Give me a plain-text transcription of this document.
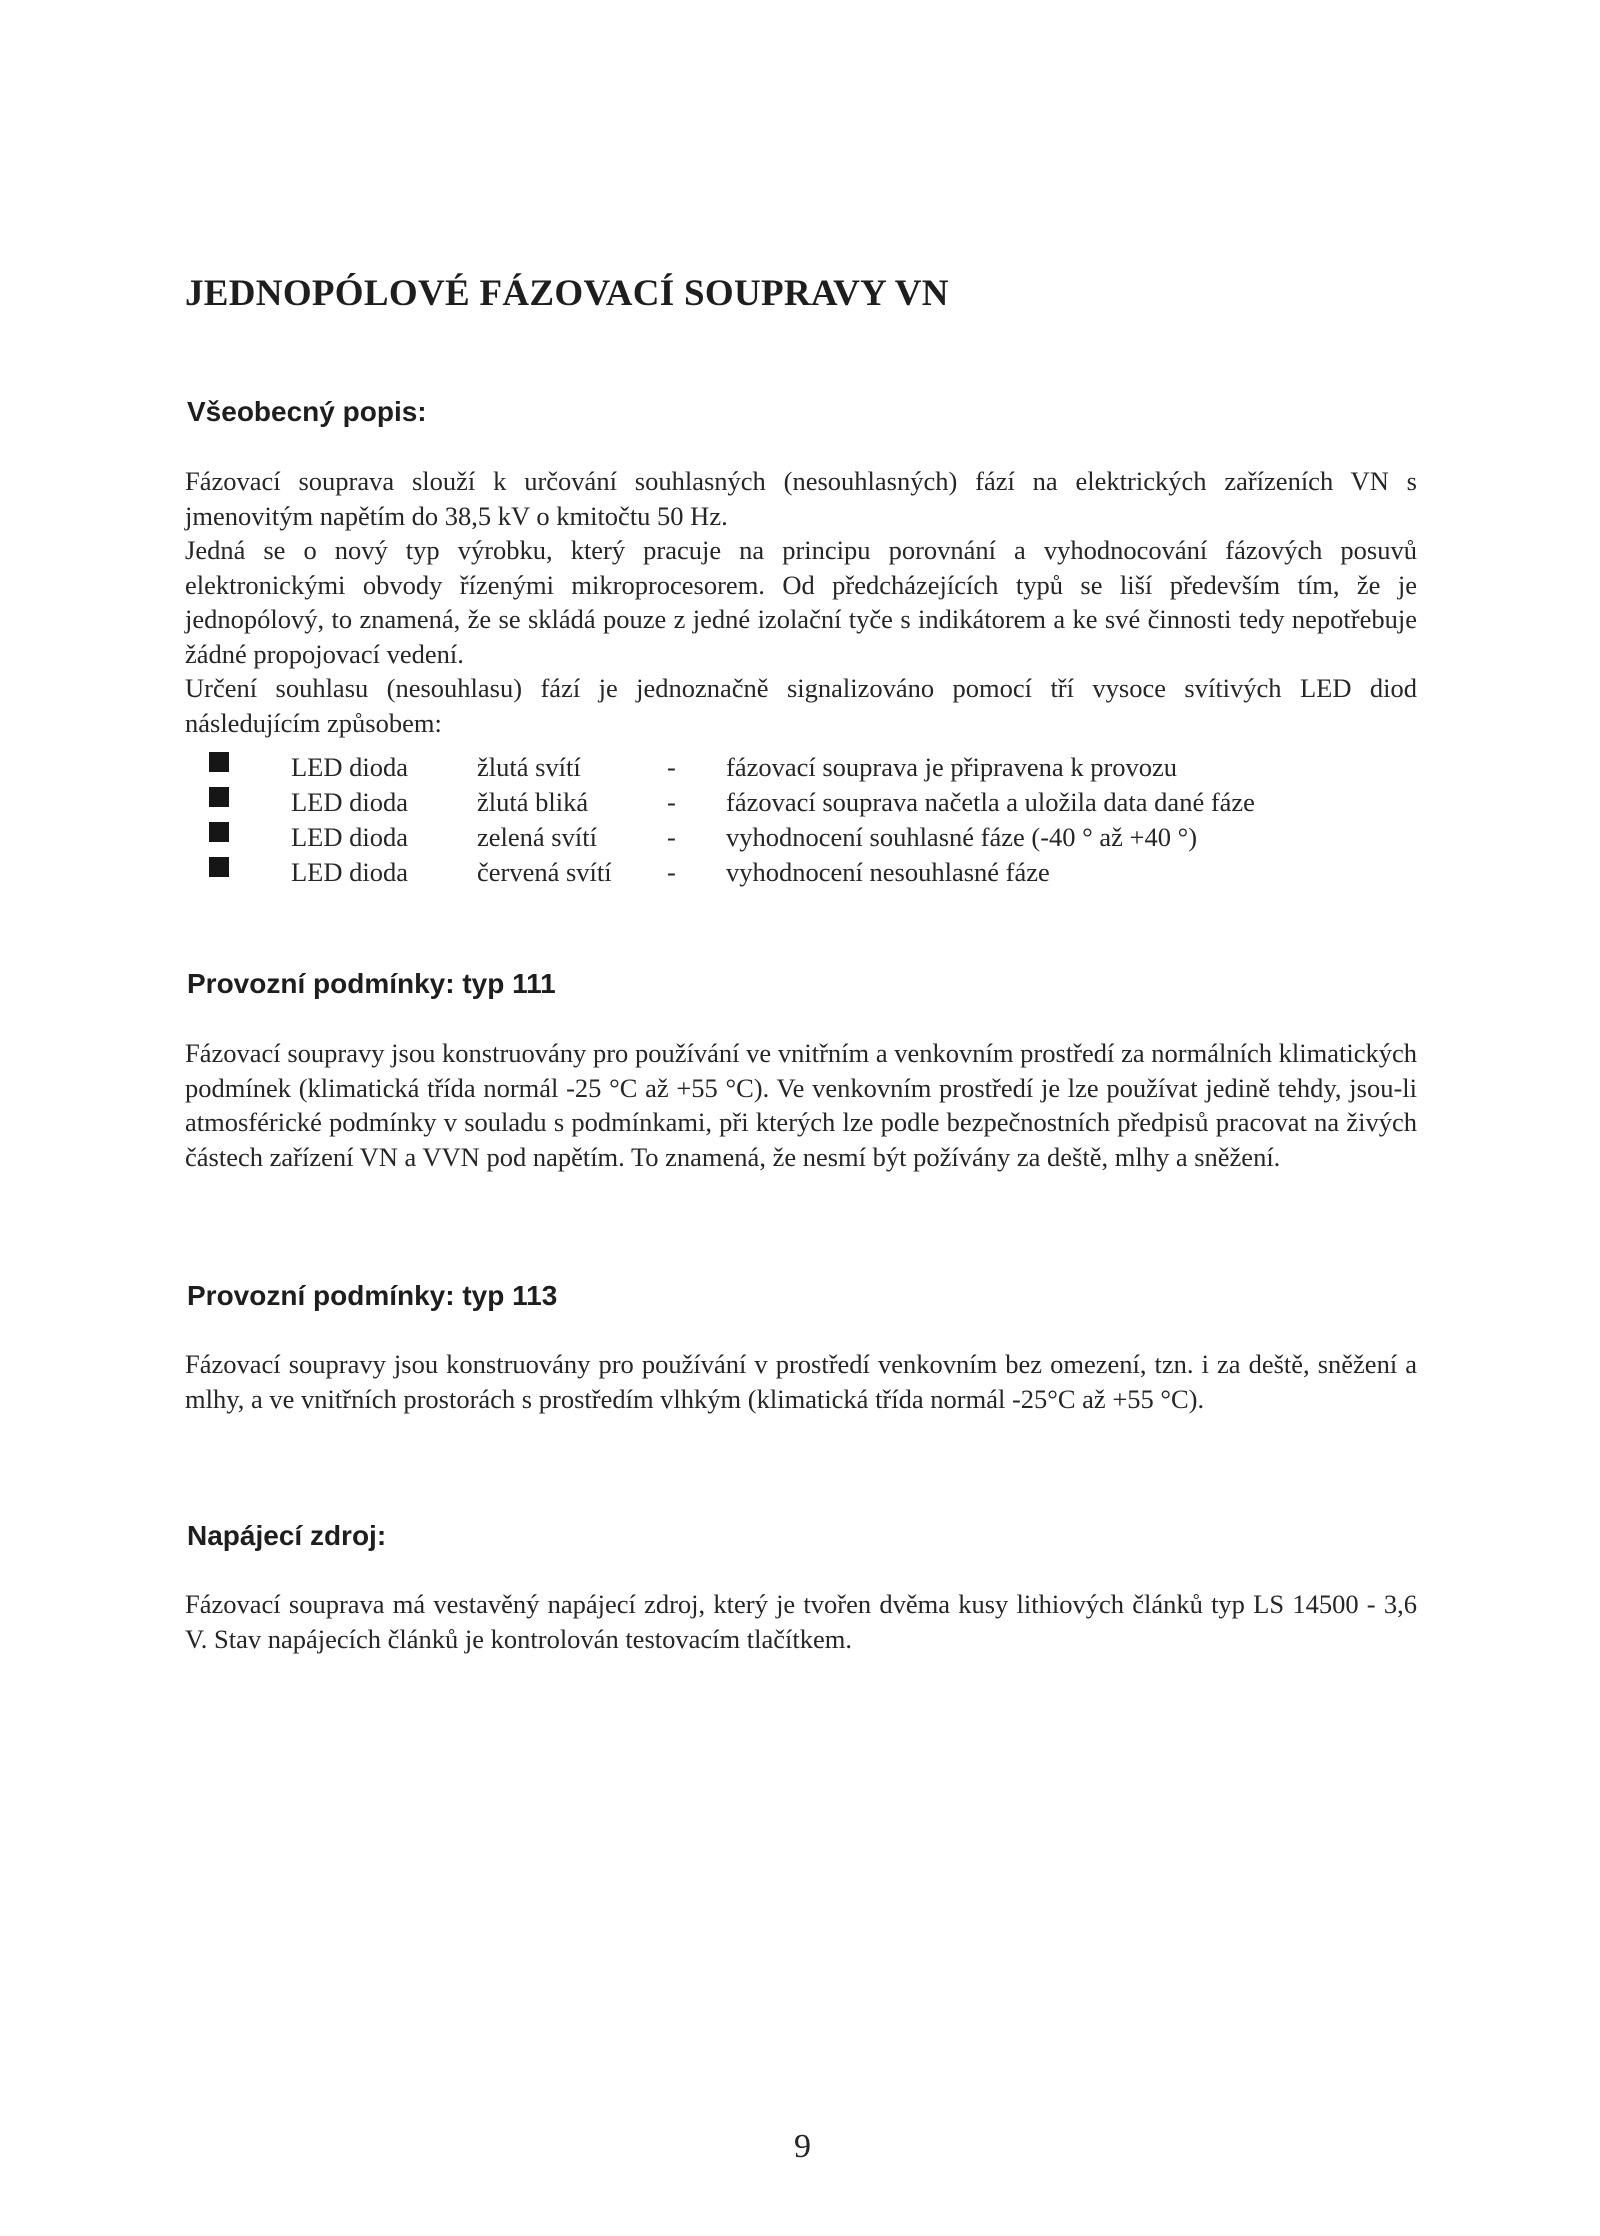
JEDNOPÓLOVÉ FÁZOVACÍ SOUPRAVY VN
Všeobecný popis:

Fázovací souprava slouží k určování souhlasných (nesouhlasných) fází na elektrických zařízeních VN s jmenovitým napětím do 38,5 kV o kmitočtu 50 Hz.

Jedná se o nový typ výrobku, který pracuje na principu porovnání a vyhodnocování fázových posuvů elektronickými obvody řízenými mikroprocesorem. Od předcházejících typů se liší především tím, že je jednopólový, to znamená, že se skládá pouze z jedné izolační tyče s indikátorem a ke své činnosti tedy nepotřebuje žádné propojovací vedení.

Určení souhlasu (nesouhlasu) fází je jednoznačně signalizováno pomocí tří vysoce svítivých LED diod následujícím způsobem:

LED dioda	žlutá svítí	- fázovací souprava je připravena k provozu
LED dioda	žlutá bliká	- fázovací souprava načetla a uložila data dané fáze
LED dioda	zelená svítí	- vyhodnocení souhlasné fáze (-40 ° až +40 °)
LED dioda	červená svítí - vyhodnocení nesouhlasné fáze
Provozní podmínky: typ 111

Fázovací soupravy jsou konstruovány pro používání ve vnitřním a venkovním prostředí za normálních klimatických podmínek (klimatická třída normál -25 °C až +55 °C). Ve venkovním prostředí je lze používat jedině tehdy, jsou-li atmosférické podmínky v souladu s podmínkami, při kterých lze podle bezpečnostních předpisů pracovat na živých částech zařízení VN a VVN pod napětím. To znamená, že nesmí být požívány za deště, mlhy a sněžení.

Provozní podmínky: typ 113

Fázovací soupravy jsou konstruovány pro používání v prostředí venkovním bez omezení, tzn. i za deště, sněžení a mlhy, a ve vnitřních prostorách s prostředím vlhkým (klimatická třída normál -25°C až +55 °C).

Napájecí zdroj:

Fázovací souprava má vestavěný napájecí zdroj, který je tvořen dvěma kusy lithiových článků typ LS 14500 - 3,6 V. Stav napájecích článků je kontrolován testovacím tlačítkem.

9
